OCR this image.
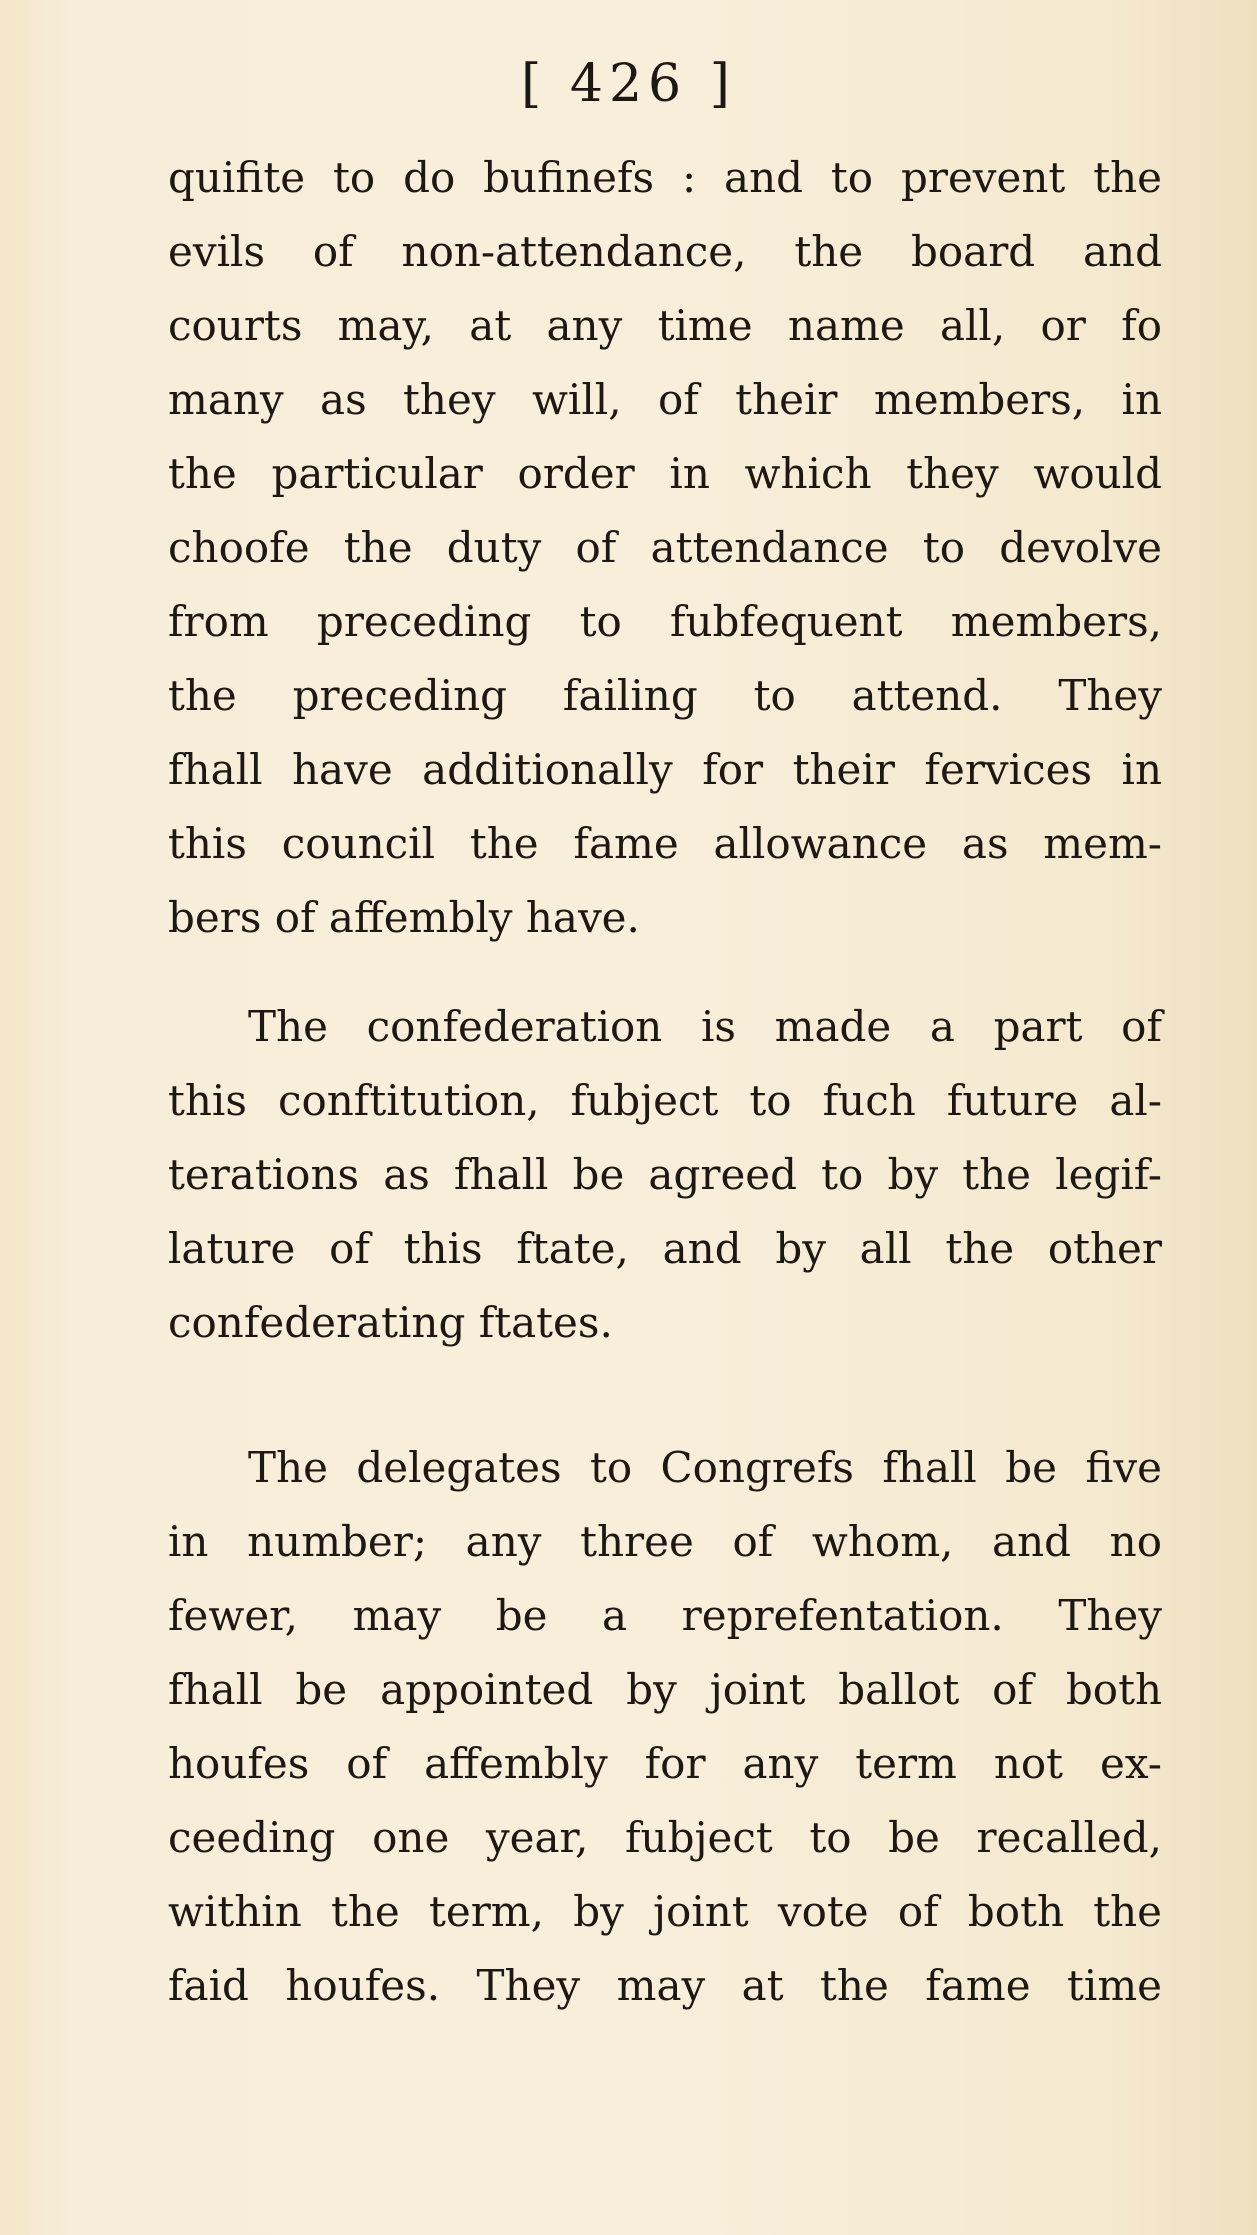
[ 426 ]
quifite to do bufinefs : and to prevent the
evils of non-attendance, the board and
courts may, at any time name all, or fo
many as they will, of their members, in
the particular order in which they would
choofe the duty of attendance to devolve
from preceding to fubfequent members,
the preceding failing to attend. They
fhall have additionally for their fervices in
this council the fame allowance as mem-
bers of affembly have.
The confederation is made a part of
this conftitution, fubject to fuch future al-
terations as fhall be agreed to by the legif-
lature of this ftate, and by all the other
confederating ftates.
The delegates to Congrefs fhall be five
in number; any three of whom, and no
fewer, may be a reprefentation. They
fhall be appointed by joint ballot of both
houfes of affembly for any term not ex-
ceeding one year, fubject to be recalled,
within the term, by joint vote of both the
faid houfes. They may at the fame time
